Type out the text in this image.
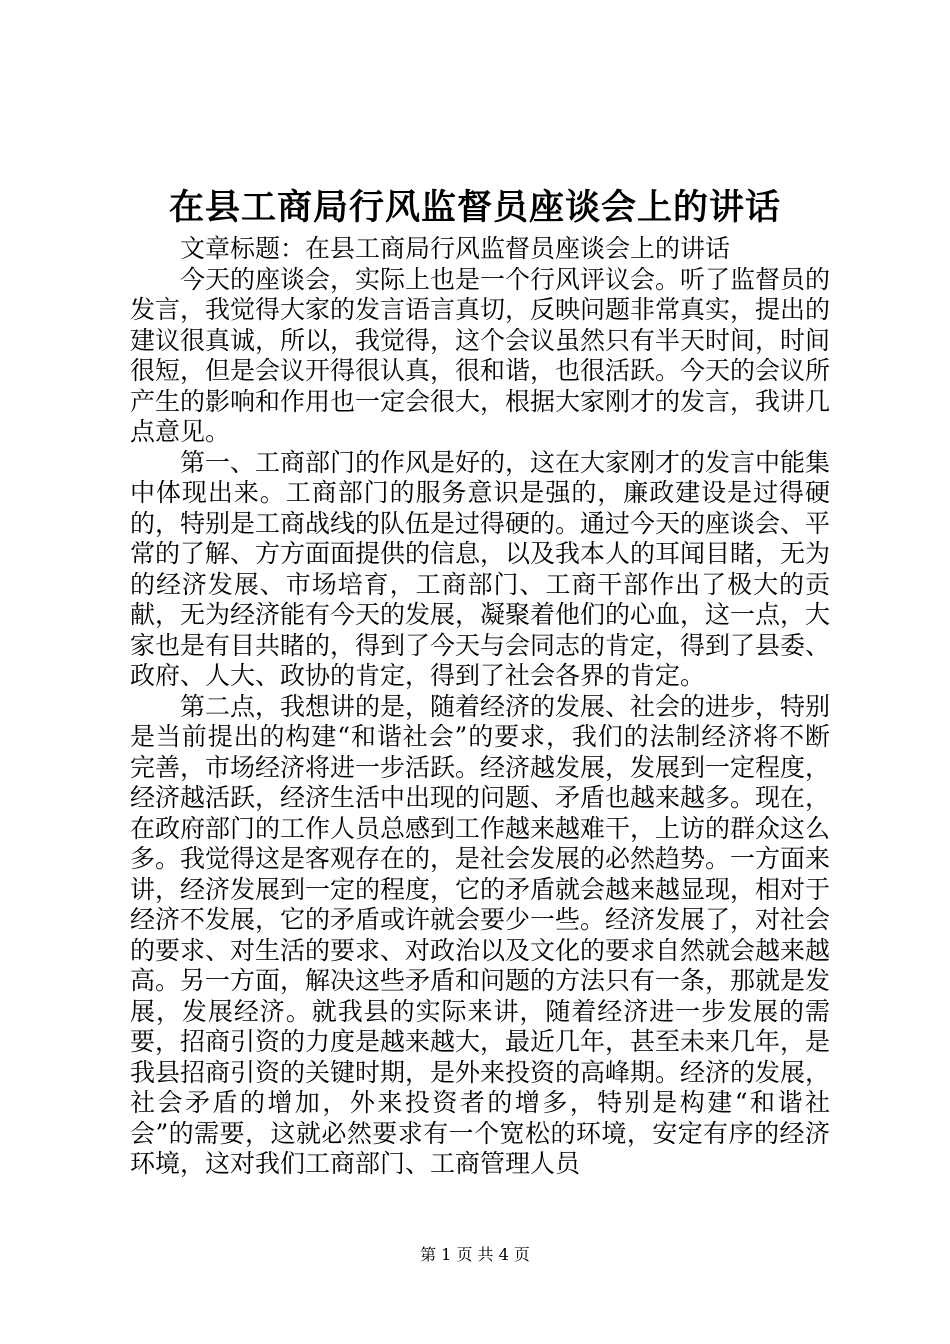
在县工商局行风监督员座谈会上的讲话

文章标题：在县工商局行风监督员座谈会上的讲话

今天的座谈会，实际上也是一个行风评议会。听了监督员的发言，我觉得大家的发言语言真切，反映问题非常真实，提出的建议很真诚，所以，我觉得，这个会议虽然只有半天时间，时间很短，但是会议开得很认真，很和谐，也很活跃。今天的会议所产生的影响和作用也一定会很大，根据大家刚才的发言，我讲几点意见。

第一、工商部门的作风是好的，这在大家刚才的发言中能集中体现出来。工商部门的服务意识是强的，廉政建设是过得硬的，特别是工商战线的队伍是过得硬的。通过今天的座谈会、平常的了解、方方面面提供的信息，以及我本人的耳闻目睹，无为的经济发展、市场培育，工商部门、工商干部作出了极大的贡献，无为经济能有今天的发展，凝聚着他们的心血，这一点，大家也是有目共睹的，得到了今天与会同志的肯定，得到了县委、政府、人大、政协的肯定，得到了社会各界的肯定。

第二点，我想讲的是，随着经济的发展、社会的进步，特别是当前提出的构建“和谐社会”的要求，我们的法制经济将不断完善，市场经济将进一步活跃。经济越发展，发展到一定程度，经济越活跃，经济生活中出现的问题、矛盾也越来越多。现在，在政府部门的工作人员总感到工作越来越难干，上访的群众这么多。我觉得这是客观存在的，是社会发展的必然趋势。一方面来讲，经济发展到一定的程度，它的矛盾就会越来越显现，相对于经济不发展，它的矛盾或许就会要少一些。经济发展了，对社会的要求、对生活的要求、对政治以及文化的要求自然就会越来越高。另一方面，解决这些矛盾和问题的方法只有一条，那就是发展，发展经济。就我县的实际来讲，随着经济进一步发展的需要，招商引资的力度是越来越大，最近几年，甚至未来几年，是我县招商引资的关键时期，是外来投资的高峰期。经济的发展，社会矛盾的增加，外来投资者的增多，特别是构建“和谐社会”的需要，这就必然要求有一个宽松的环境，安定有序的经济环境，这对我们工商部门、工商管理人员

第 1 页 共 4 页
